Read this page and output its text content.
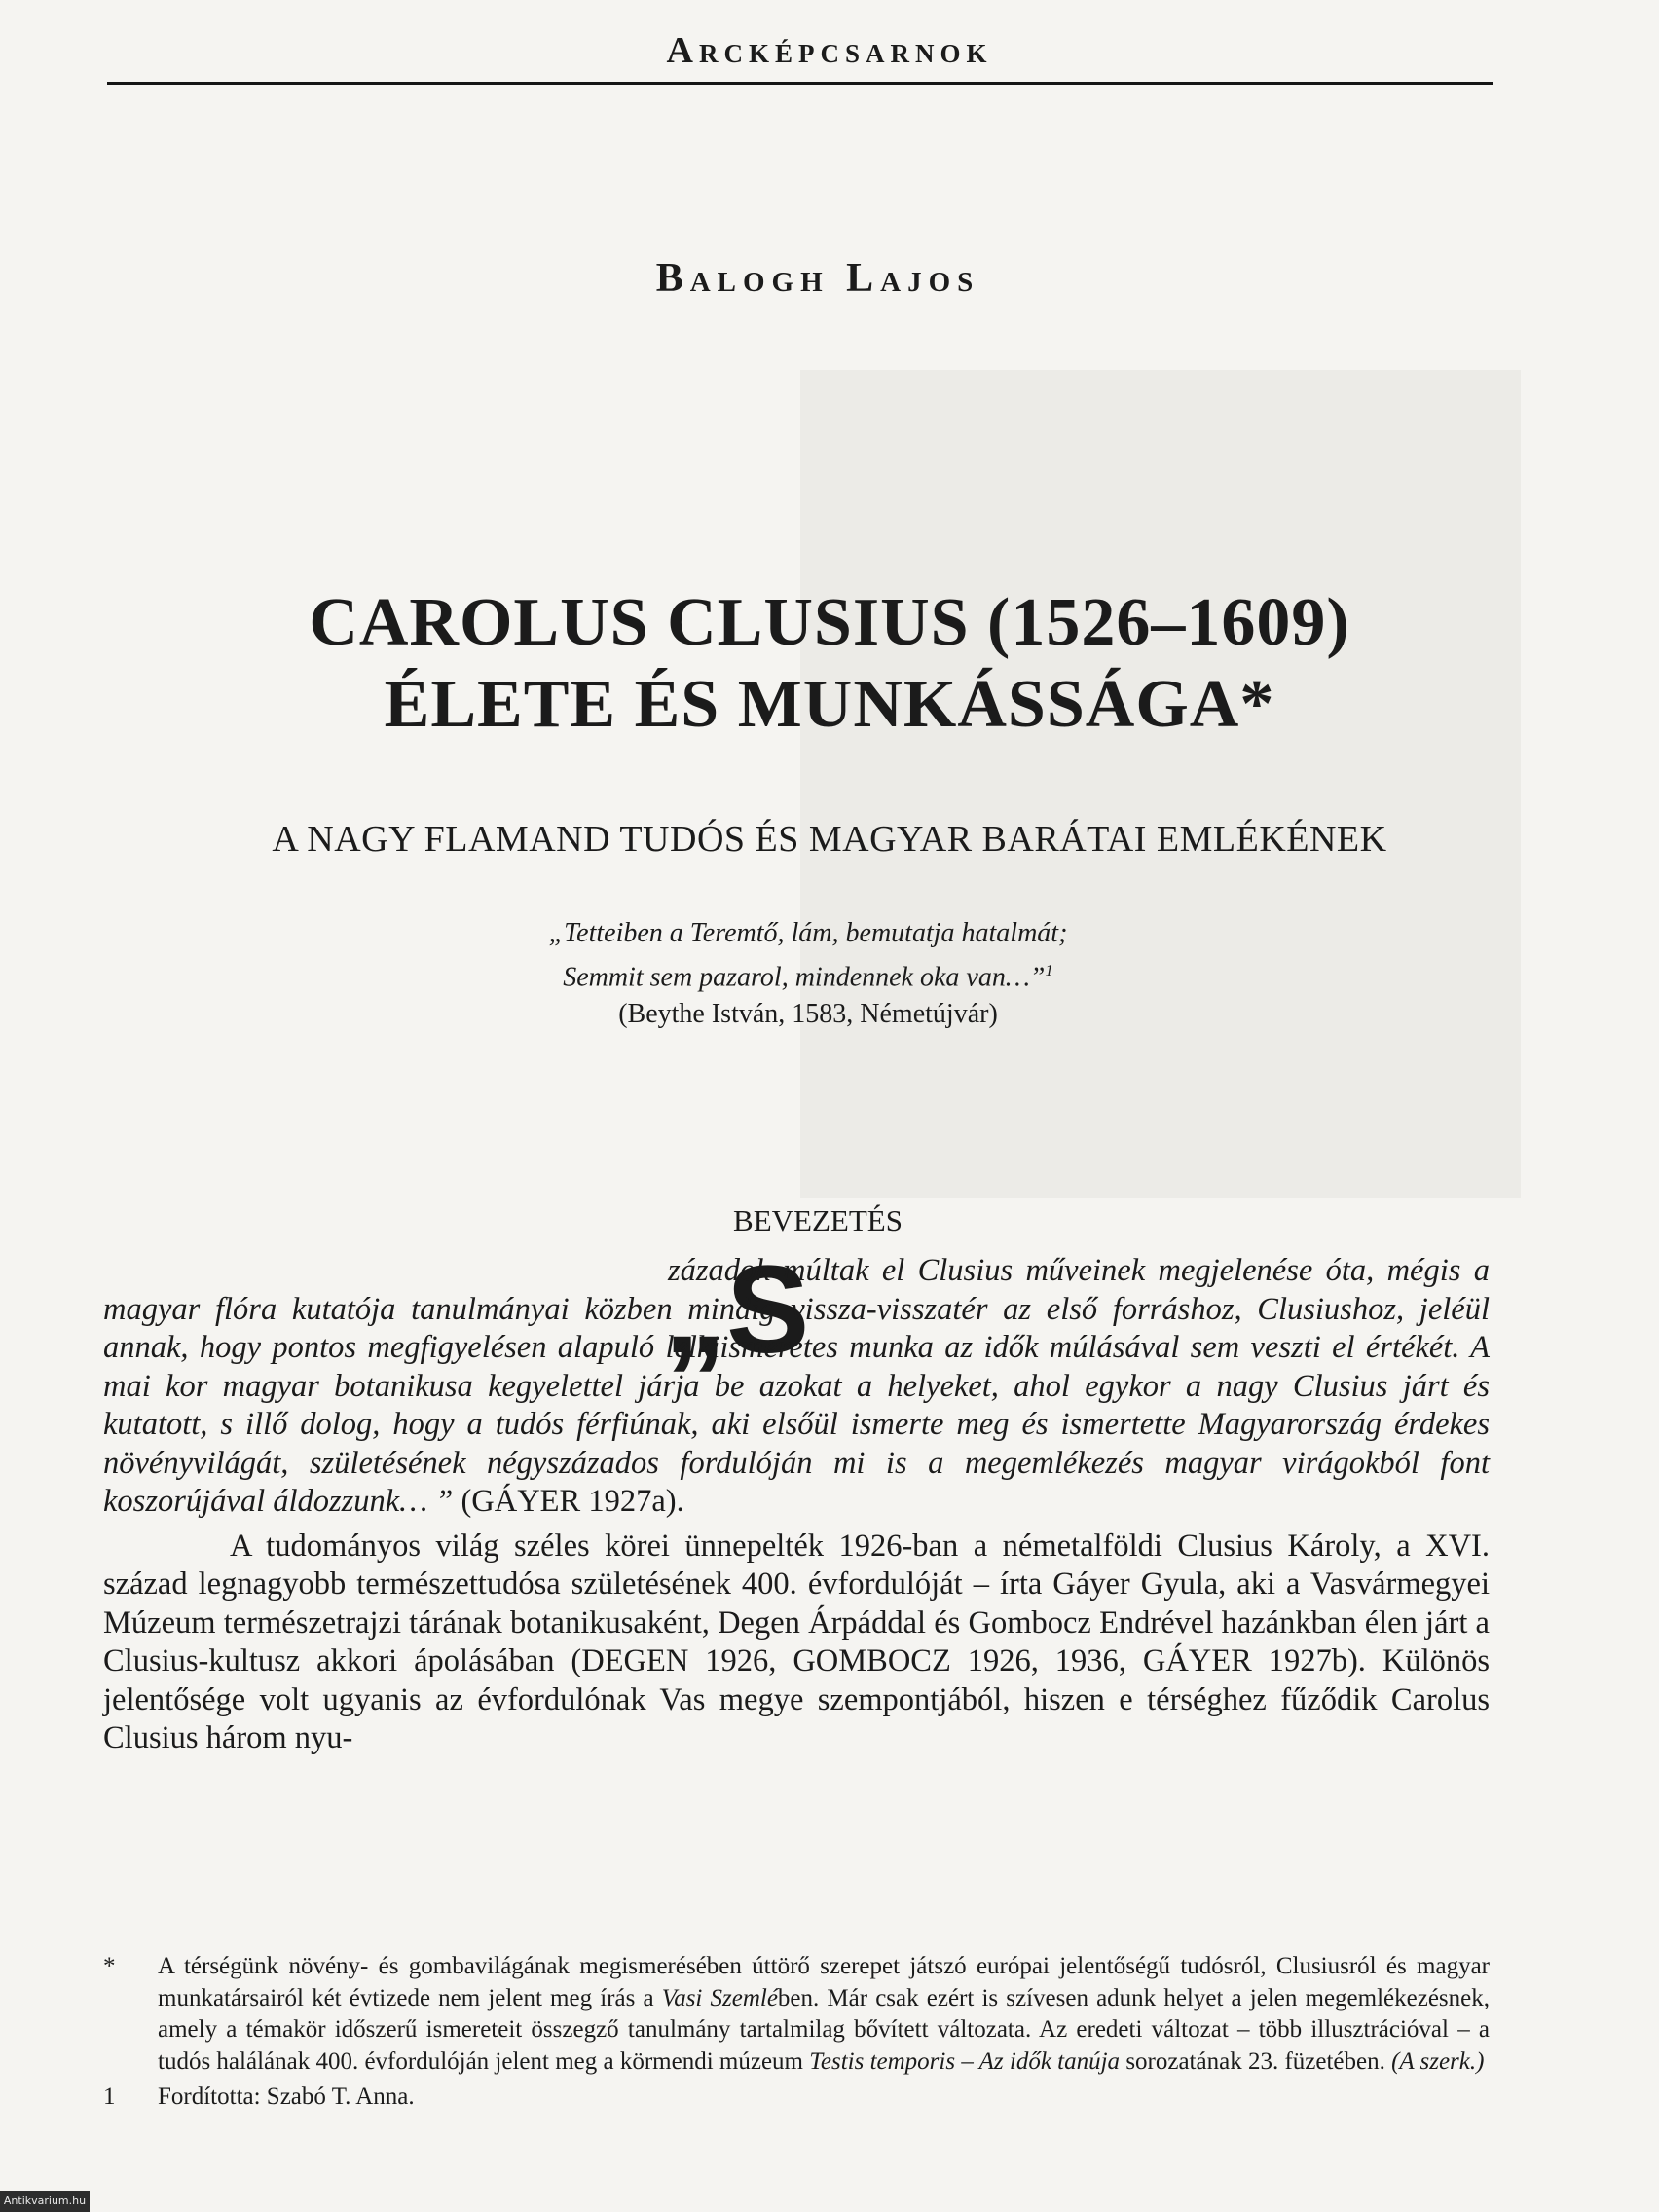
Arcképcsarnok
Balogh Lajos
CAROLUS CLUSIUS (1526–1609)
ÉLETE ÉS MUNKÁSSÁGA*
A NAGY FLAMAND TUDÓS ÉS MAGYAR BARÁTAI EMLÉKÉNEK
„Tetteiben a Teremtő, lám, bemutatja hatalmát;
Semmit sem pazarol, mindennek oka van…”$^1$
(Beythe István, 1583, Németújvár)
BEVEZETÉS
„S

zázadok múltak el Clusius műveinek megjelenése óta, mégis a magyar flóra kutatója tanulmányai közben mindig vissza-visszatér az első forráshoz, Clusiushoz, jeléül annak, hogy pontos megfigyelésen alapuló lelkiismeretes munka az idők múlásával sem veszti el értékét. A mai kor magyar botanikusa kegyelettel járja be azokat a helyeket, ahol egykor a nagy Clusius járt és kutatott, s illő dolog, hogy a tudós férfiúnak, aki elsőül ismerte meg és ismertette Magyarország érdekes növényvilágát, születésének négyszázados fordulóján mi is a megemlékezés magyar virágokból font koszorújával áldozzunk… ” (GÁYER 1927a).

A tudományos világ széles körei ünnepelték 1926-ban a németalföldi Clusius Károly, a XVI. század legnagyobb természettudósa születésének 400. évfordulóját – írta Gáyer Gyula, aki a Vasvármegyei Múzeum természetrajzi tárának botanikusaként, Degen Árpáddal és Gombocz Endrével hazánkban élen járt a Clusius-kultusz akkori ápolásában (DEGEN 1926, GOMBOCZ 1926, 1936, GÁYER 1927b). Különös jelentősége volt ugyanis az évfordulónak Vas megye szempontjából, hiszen e térséghez fűződik Carolus Clusius három nyu-

* A térségünk növény- és gombavilágának megismerésében úttörő szerepet játszó európai jelentőségű tudósról, Clusiusról és magyar munkatársairól két évtizede nem jelent meg írás a Vasi Szemlében. Már csak ezért is szívesen adunk helyet a jelen megemlékezésnek, amely a témakör időszerű ismereteit összegző tanulmány tartalmilag bővített változata. Az eredeti változat – több illusztrációval – a tudós halálának 400. évfordulóján jelent meg a körmendi múzeum Testis temporis – Az idők tanúja sorozatának 23. füzetében. (A szerk.)
1 Fordította: Szabó T. Anna.
Antikvarium.hu
